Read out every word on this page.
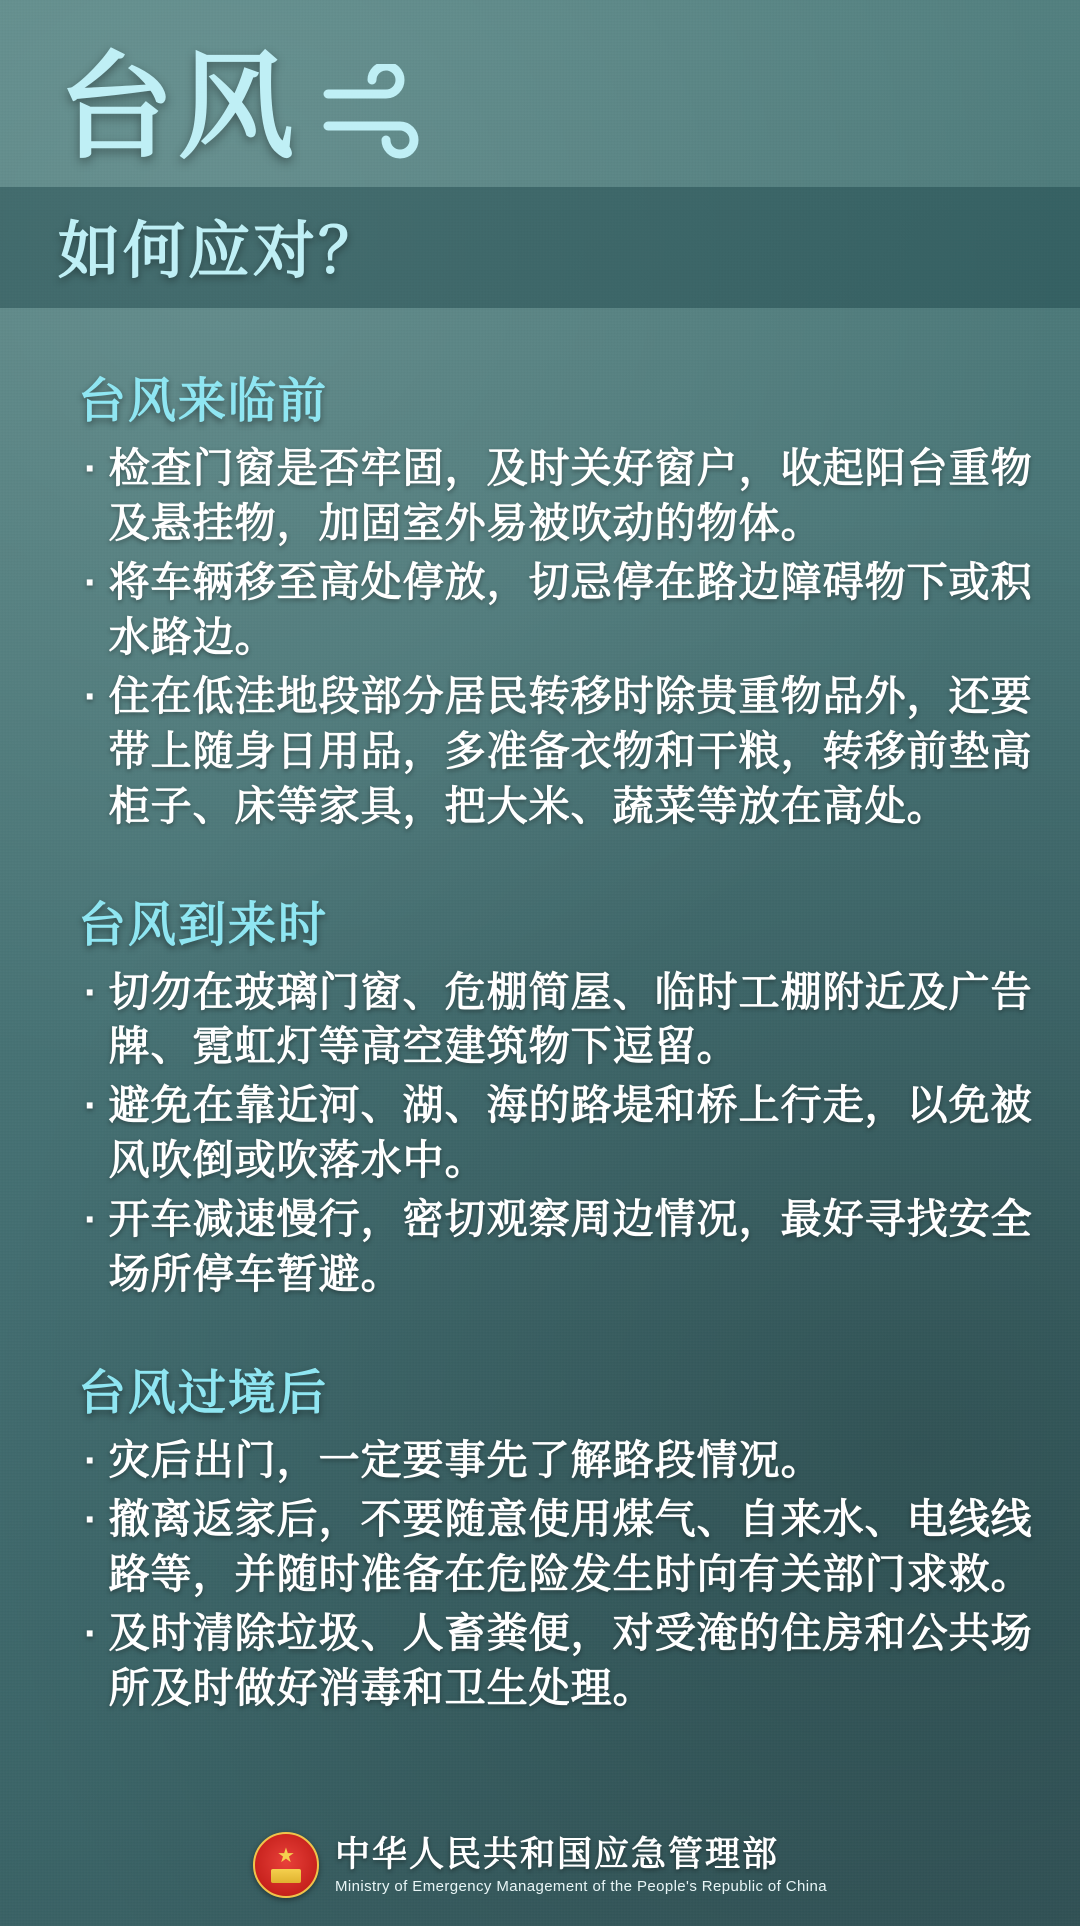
台风
如何应对？
台风来临前
· 检查门窗是否牢固，及时关好窗户，收起阳台重物及悬挂物，加固室外易被吹动的物体。
· 将车辆移至高处停放，切忌停在路边障碍物下或积水路边。
· 住在低洼地段部分居民转移时除贵重物品外，还要带上随身日用品，多准备衣物和干粮，转移前垫高柜子、床等家具，把大米、蔬菜等放在高处。
台风到来时
· 切勿在玻璃门窗、危棚简屋、临时工棚附近及广告牌、霓虹灯等高空建筑物下逗留。
· 避免在靠近河、湖、海的路堤和桥上行走，以免被风吹倒或吹落水中。
· 开车减速慢行，密切观察周边情况，最好寻找安全场所停车暂避。
台风过境后
· 灾后出门，一定要事先了解路段情况。
· 撤离返家后，不要随意使用煤气、自来水、电线线路等，并随时准备在危险发生时向有关部门求救。
· 及时清除垃圾、人畜粪便，对受淹的住房和公共场所及时做好消毒和卫生处理。
★ 中华人民共和国应急管理部
Ministry of Emergency Management of the People's Republic of China
